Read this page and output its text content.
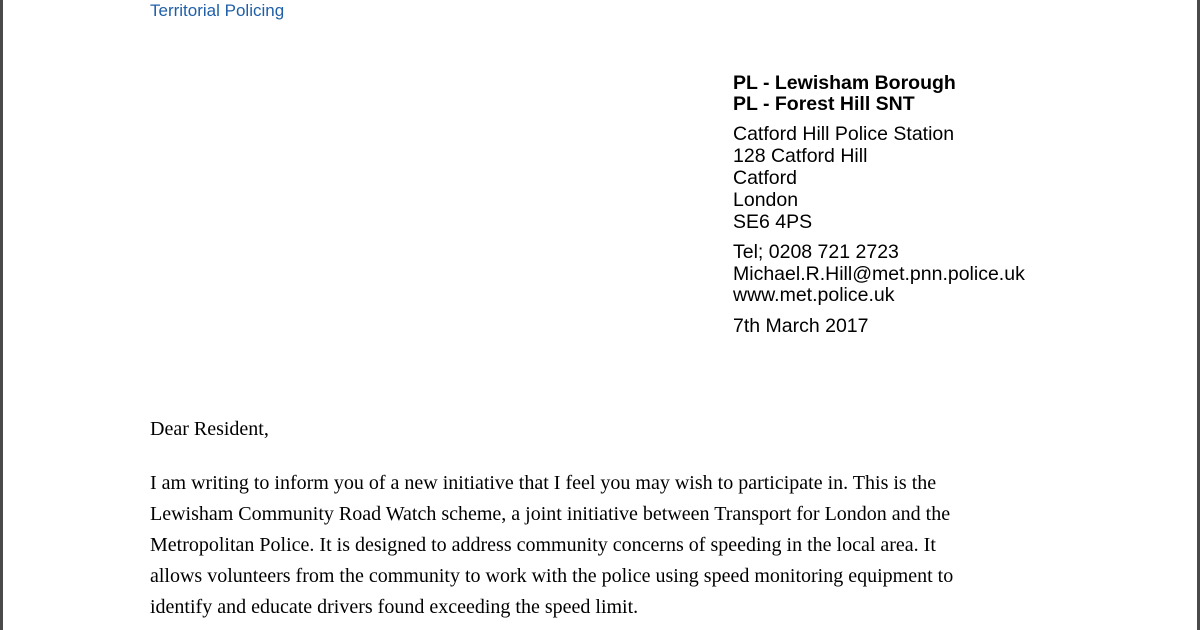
Territorial Policing
PL - Lewisham Borough
PL - Forest Hill SNT
Catford Hill Police Station
128 Catford Hill
Catford
London
SE6 4PS
Tel; 0208 721 2723
Michael.R.Hill@met.pnn.police.uk
www.met.police.uk
7th March 2017
Dear Resident,
I am writing to inform you of a new initiative that I feel you may wish to participate in. This is the
Lewisham Community Road Watch scheme, a joint initiative between Transport for London and the
Metropolitan Police. It is designed to address community concerns of speeding in the local area. It
allows volunteers from the community to work with the police using speed monitoring equipment to
identify and educate drivers found exceeding the speed limit.
